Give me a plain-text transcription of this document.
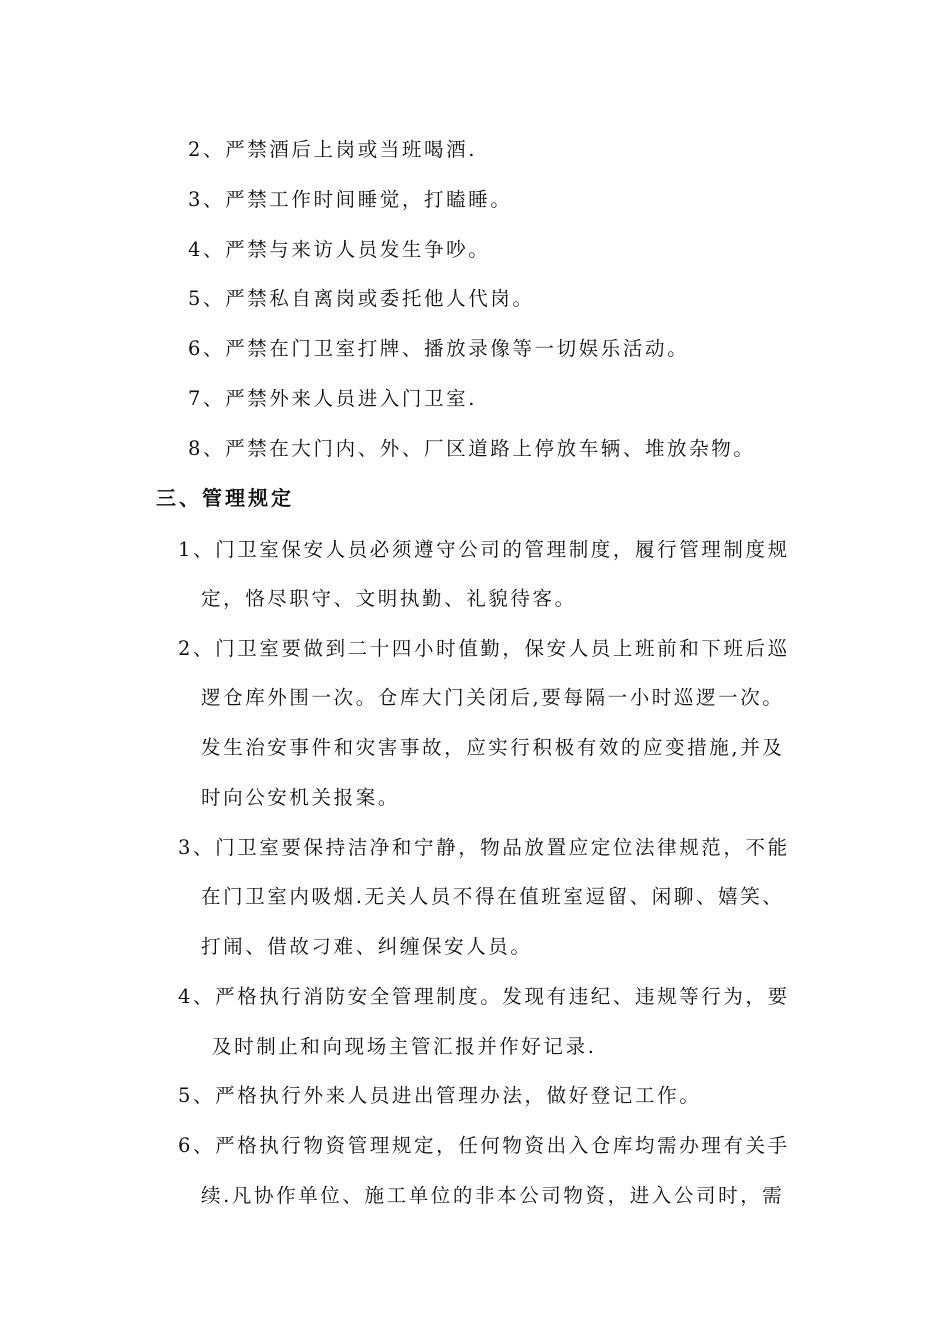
2、严禁酒后上岗或当班喝酒.
3、严禁工作时间睡觉，打瞌睡。
4、严禁与来访人员发生争吵。
5、严禁私自离岗或委托他人代岗。
6、严禁在门卫室打牌、播放录像等一切娱乐活动。
7、严禁外来人员进入门卫室.
8、严禁在大门内、外、厂区道路上停放车辆、堆放杂物。
三、管理规定
1、门卫室保安人员必须遵守公司的管理制度，履行管理制度规
定，恪尽职守、文明执勤、礼貌待客。
2、门卫室要做到二十四小时值勤，保安人员上班前和下班后巡
逻仓库外围一次。仓库大门关闭后,要每隔一小时巡逻一次。
发生治安事件和灾害事故，应实行积极有效的应变措施,并及
时向公安机关报案。
3、门卫室要保持洁净和宁静，物品放置应定位法律规范，不能
在门卫室内吸烟.无关人员不得在值班室逗留、闲聊、嬉笑、
打闹、借故刁难、纠缠保安人员。
4、严格执行消防安全管理制度。发现有违纪、违规等行为，要
及时制止和向现场主管汇报并作好记录.
5、严格执行外来人员进出管理办法，做好登记工作。
6、严格执行物资管理规定，任何物资出入仓库均需办理有关手
续.凡协作单位、施工单位的非本公司物资，进入公司时，需
